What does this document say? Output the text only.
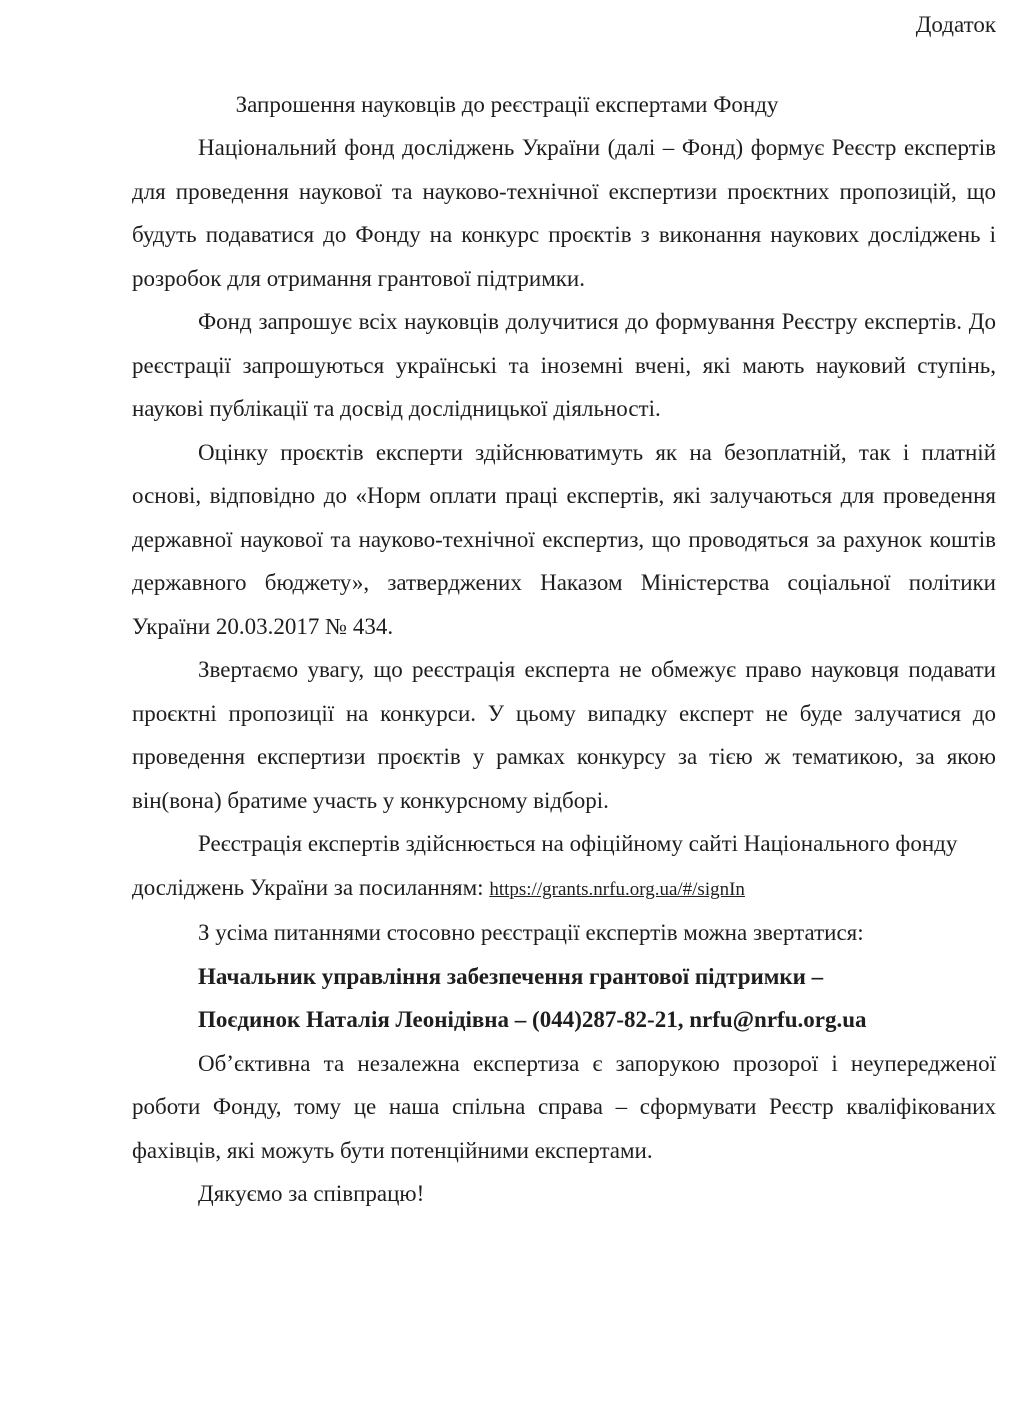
Додаток
Запрошення науковців до реєстрації експертами Фонду

Національний фонд досліджень України (далі – Фонд) формує Реєстр експертів для проведення наукової та науково-технічної експертизи проєктних пропозицій, що будуть подаватися до Фонду на конкурс проєктів з виконання наукових досліджень і розробок для отримання грантової підтримки.

Фонд запрошує всіх науковців долучитися до формування Реєстру експертів. До реєстрації запрошуються українські та іноземні вчені, які мають науковий ступінь, наукові публікації та досвід дослідницької діяльності.

Оцінку проєктів експерти здійснюватимуть як на безоплатній, так і платній основі, відповідно до «Норм оплати праці експертів, які залучаються для проведення державної наукової та науково-технічної експертиз, що проводяться за рахунок коштів державного бюджету», затверджених Наказом Міністерства соціальної політики України 20.03.2017 № 434.

Звертаємо увагу, що реєстрація експерта не обмежує право науковця подавати проєктні пропозиції на конкурси. У цьому випадку експерт не буде залучатися до проведення експертизи проєктів у рамках конкурсу за тією ж тематикою, за якою він(вона) братиме участь у конкурсному відборі.

Реєстрація експертів здійснюється на офіційному сайті Національного фонду досліджень України за посиланням: https://grants.nrfu.org.ua/#/signIn

З усіма питаннями стосовно реєстрації експертів можна звертатися:

Начальник управління забезпечення грантової підтримки –

Поєдинок Наталія Леонідівна – (044)287-82-21, nrfu@nrfu.org.ua

Об’єктивна та незалежна експертиза є запорукою прозорої і неупередженої роботи Фонду, тому це наша спільна справа – сформувати Реєстр кваліфікованих фахівців, які можуть бути потенційними експертами.

Дякуємо за співпрацю!
